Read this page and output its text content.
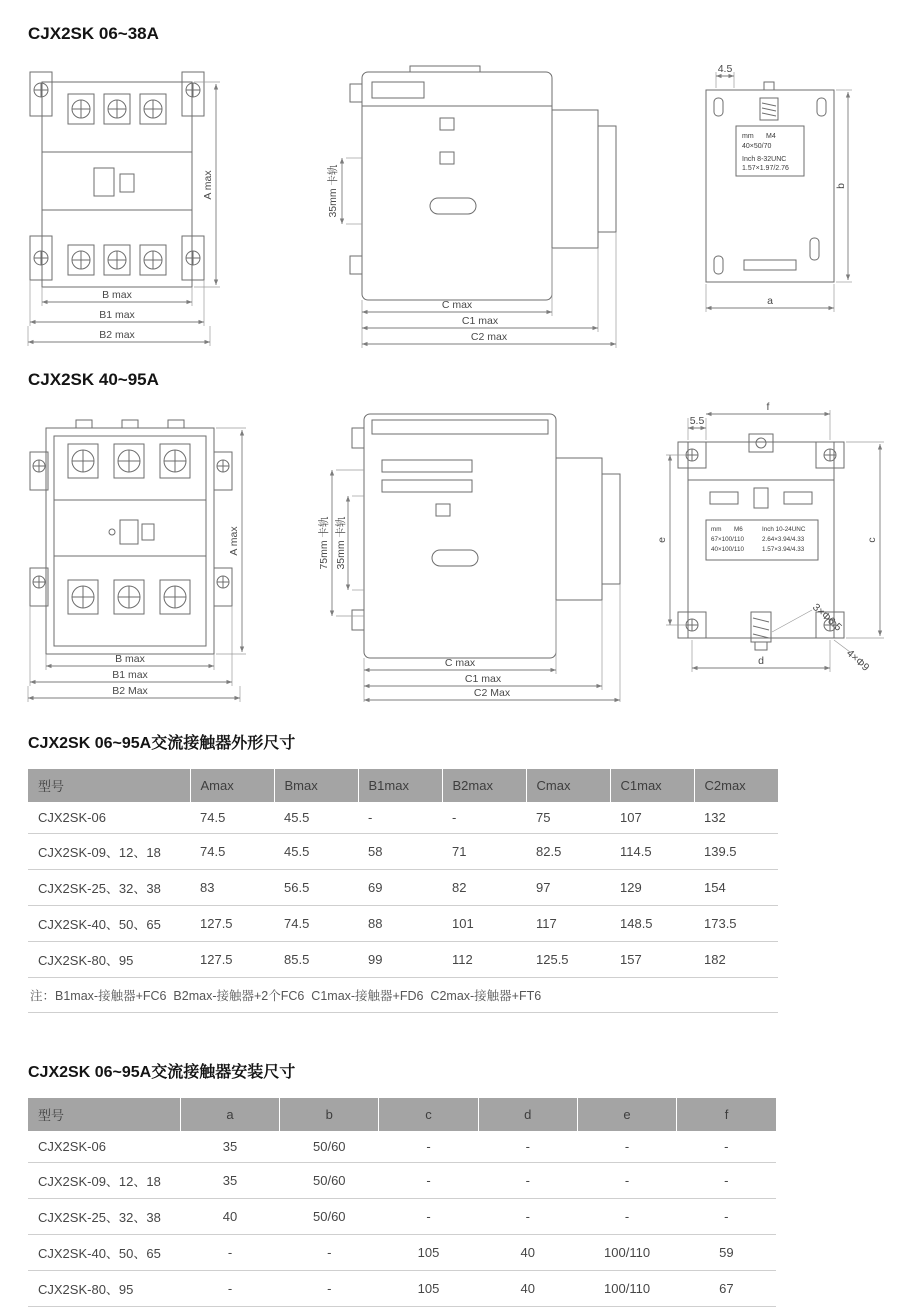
CJX2SK 06~38A
A max
B max
B1 max
B2 max
35mm 卡轨
C max
C1 max
C2 max
mm M4
40×50/70
Inch 8-32UNC
1.57×1.97/2.76
4.5
b
a
CJX2SK 40~95A
A max
B max
B1 max
B2 Max
75mm 卡轨 35mm 卡轨
C max
C1 max
C2 Max
mm M6
67×100/110
40×100/110
Inch 10-24UNC
2.64×3.94/4.33
1.57×3.94/4.33
5.5
f
e	c
d
3×Φ6.5
4×Φ9
CJX2SK 06~95A交流接触器外形尺寸
型号	Amax	Bmax	B1max	B2max	Cmax	C1max	C2max
CJX2SK-06	74.5	45.5	-	-	75	107	132
CJX2SK-09、12、18	74.5	45.5	58	71	82.5	114.5	139.5
CJX2SK-25、32、38	83	56.5	69	82	97	129	154
CJX2SK-40、50、65	127.5	74.5	88	101	117	148.5	173.5
CJX2SK-80、95	127.5	85.5	99	112	125.5	157	182
注：B1max-接触器+FC6  B2max-接触器+2个FC6  C1max-接触器+FD6  C2max-接触器+FT6							
CJX2SK 06~95A交流接触器安装尺寸
型号	a	b	c	d	e	f
CJX2SK-06	35	50/60	-	-	-	-
CJX2SK-09、12、18	35	50/60	-	-	-	-
CJX2SK-25、32、38	40	50/60	-	-	-	-
CJX2SK-40、50、65	-	-	105	40	100/110	59
CJX2SK-80、95	-	-	105	40	100/110	67
